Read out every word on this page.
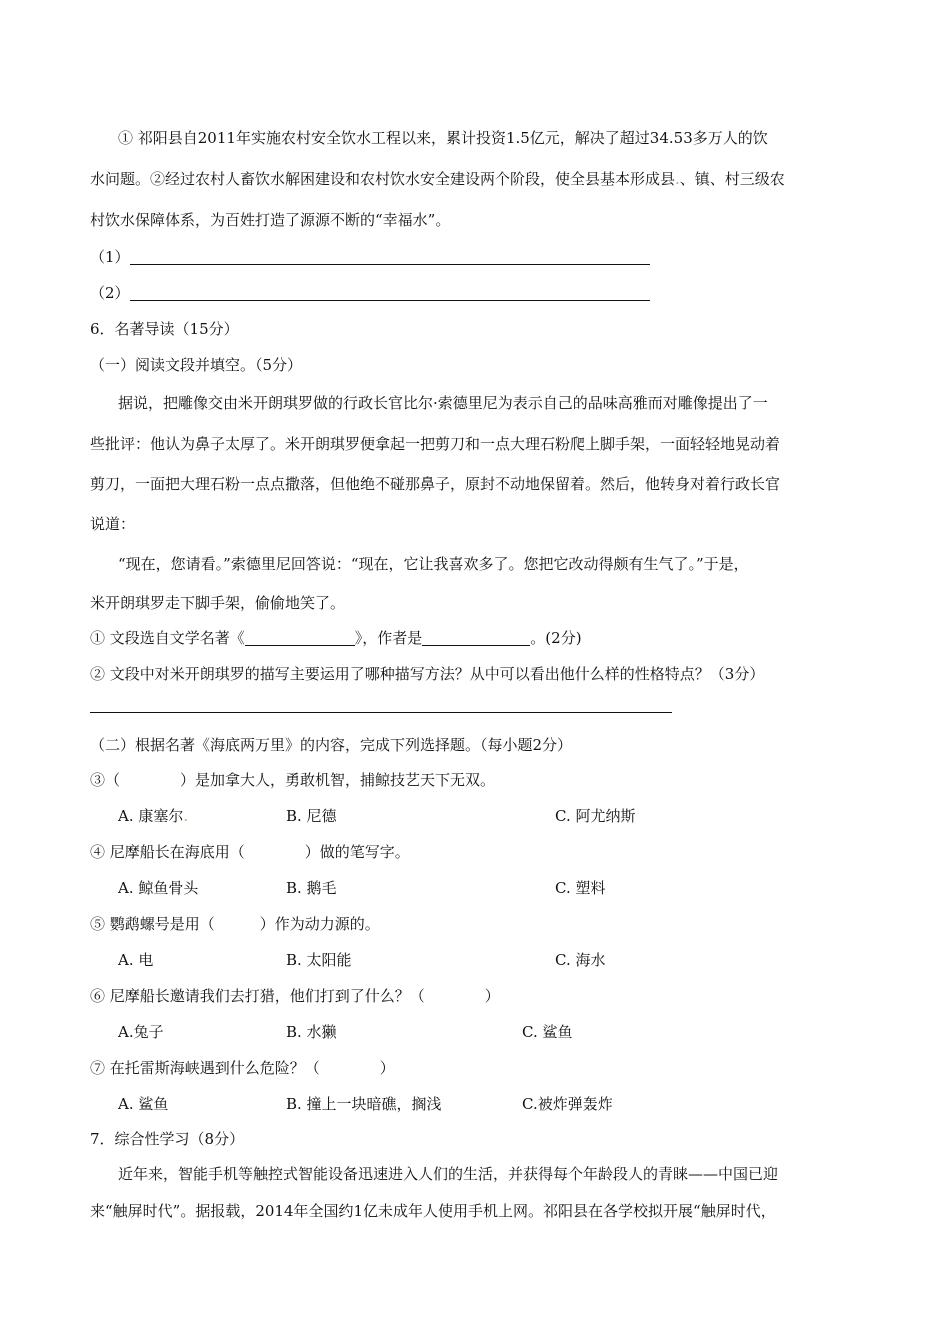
① 祁阳县自2011年实施农村安全饮水工程以来，累计投资1.5亿元，解决了超过34.53多万人的饮
水问题。②经过农村人畜饮水解困建设和农村饮水安全建设两个阶段，使全县基本形成县.、镇、村三级农
村饮水保障体系，为百姓打造了源源不断的“幸福水”。
（1）
（2）
6．名著导读（15分）
（一）阅读文段并填空。（5分）
据说，把雕像交由米开朗琪罗做的行政长官比尔·索德里尼为表示自己的品味高雅而对雕像提出了一
些批评：他认为鼻子太厚了。米开朗琪罗便拿起一把剪刀和一点大理石粉爬上脚手架，一面轻轻地晃动着
剪刀，一面把大理石粉一点点撒落，但他绝不碰那鼻子，原封不动地保留着。然后，他转身对着行政长官
说道：
“现在，您请看。”索德里尼回答说：“现在，它让我喜欢多了。您把它改动得颇有生气了。”于是，
米开朗琪罗走下脚手架，偷偷地笑了。
① 文段选自文学名著《	》，作者是	。(2分)
② 文段中对米开朗琪罗的描写主要运用了哪种描写方法？从中可以看出他什么样的性格特点？（3分）
（二）根据名著《海底两万里》的内容，完成下列选择题。（每小题2分）
③（　　　　）是加拿大人，勇敢机智，捕鲸技艺天下无双。
A. 康塞尔.	B. 尼德	C. 阿尤纳斯
④ 尼摩船长在海底用（　　　　）做的笔写字。
A. 鲸鱼骨头	B. 鹅毛	C. 塑料
⑤ 鹦鹉螺号是用（　　　）作为动力源的。
A. 电	B. 太阳能	C. 海水
⑥ 尼摩船长邀请我们去打猎，他们打到了什么？（　　　　）
A.兔子	B. 水獭	C. 鲨鱼
⑦ 在托雷斯海峡遇到什么危险？（　　　　）
A. 鲨鱼	B. 撞上一块暗礁，搁浅	C.被炸弹轰炸
7．综合性学习（8分）
近年来，智能手机等触控式智能设备迅速进入人们的生活，并获得每个年龄段人的青睐——中国已迎
来“触屏时代”。据报载，2014年全国约1亿未成年人使用手机上网。祁阳县在各学校拟开展“触屏时代，
